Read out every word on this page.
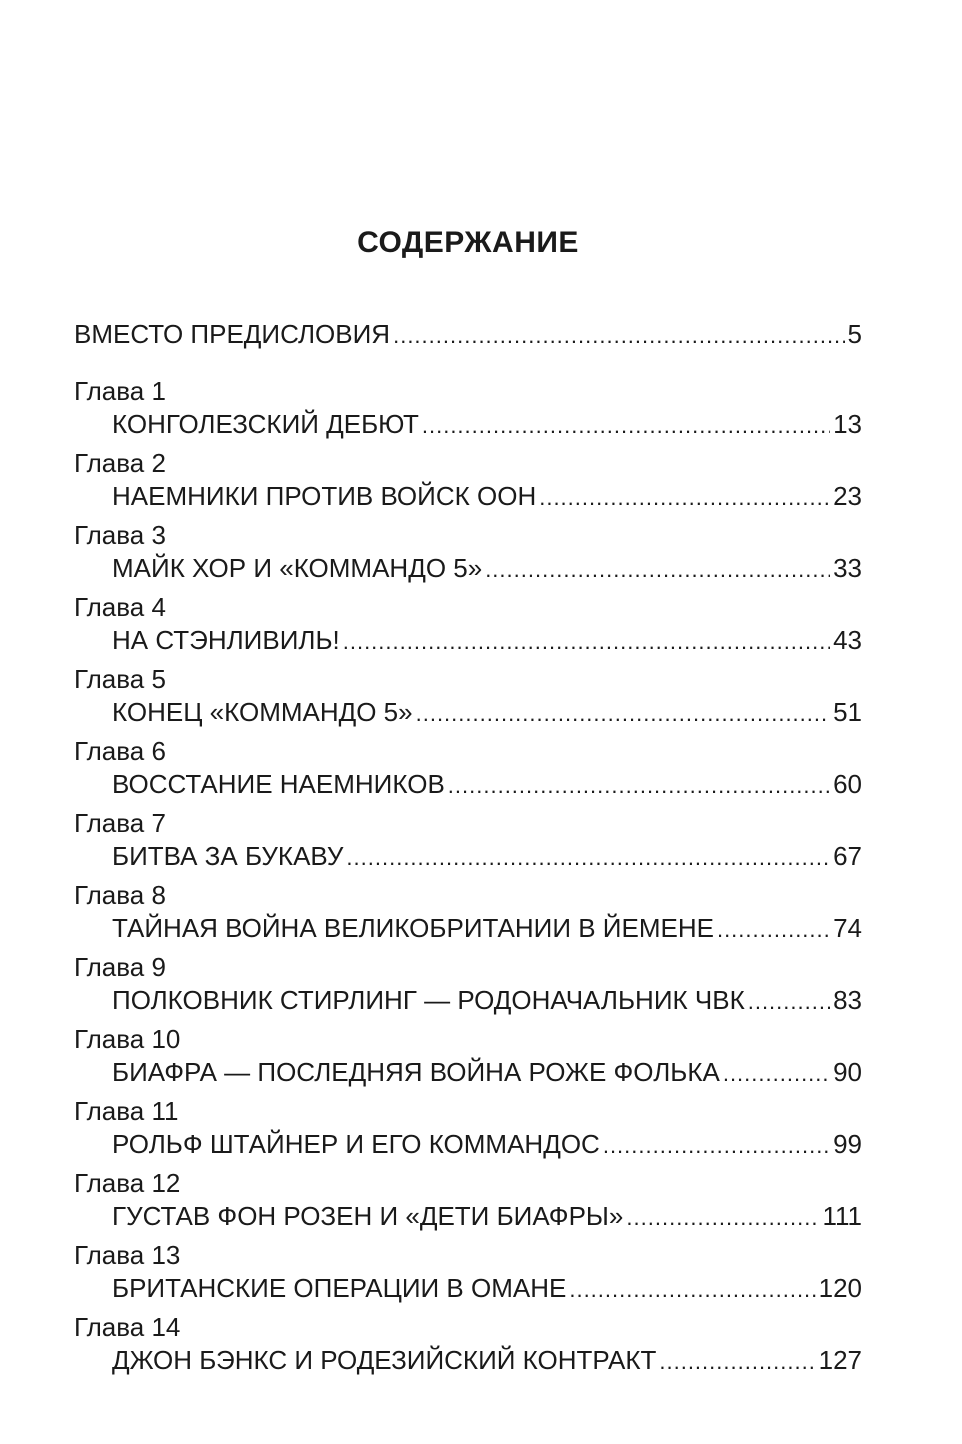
СОДЕРЖАНИЕ
ВМЕСТО ПРЕДИСЛОВИЯ .....	5
Глава 1
КОНГОЛЕЗСКИЙ ДЕБЮТ .....	13
Глава 2
НАЕМНИКИ ПРОТИВ ВОЙСК ООН .....	23
Глава 3
МАЙК ХОР И «КОММАНДО 5» .....	33
Глава 4
НА СТЭНЛИВИЛЬ! .....	43
Глава 5
КОНЕЦ «КОММАНДО 5» .....	51
Глава 6
ВОССТАНИЕ НАЕМНИКОВ .....	60
Глава 7
БИТВА ЗА БУКАВУ .....	67
Глава 8
ТАЙНАЯ ВОЙНА ВЕЛИКОБРИТАНИИ В ЙЕМЕНЕ .....	74
Глава 9
ПОЛКОВНИК СТИРЛИНГ — РОДОНАЧАЛЬНИК ЧВК .....	83
Глава 10
БИАФРА — ПОСЛЕДНЯЯ ВОЙНА РОЖЕ ФОЛЬКА .....	90
Глава 11
РОЛЬФ ШТАЙНЕР И ЕГО КОММАНДОС .....	99
Глава 12
ГУСТАВ ФОН РОЗЕН И «ДЕТИ БИАФРЫ» .....	111
Глава 13
БРИТАНСКИЕ ОПЕРАЦИИ В ОМАНЕ .....	120
Глава 14
ДЖОН БЭНКС И РОДЕЗИЙСКИЙ КОНТРАКТ .....	127
